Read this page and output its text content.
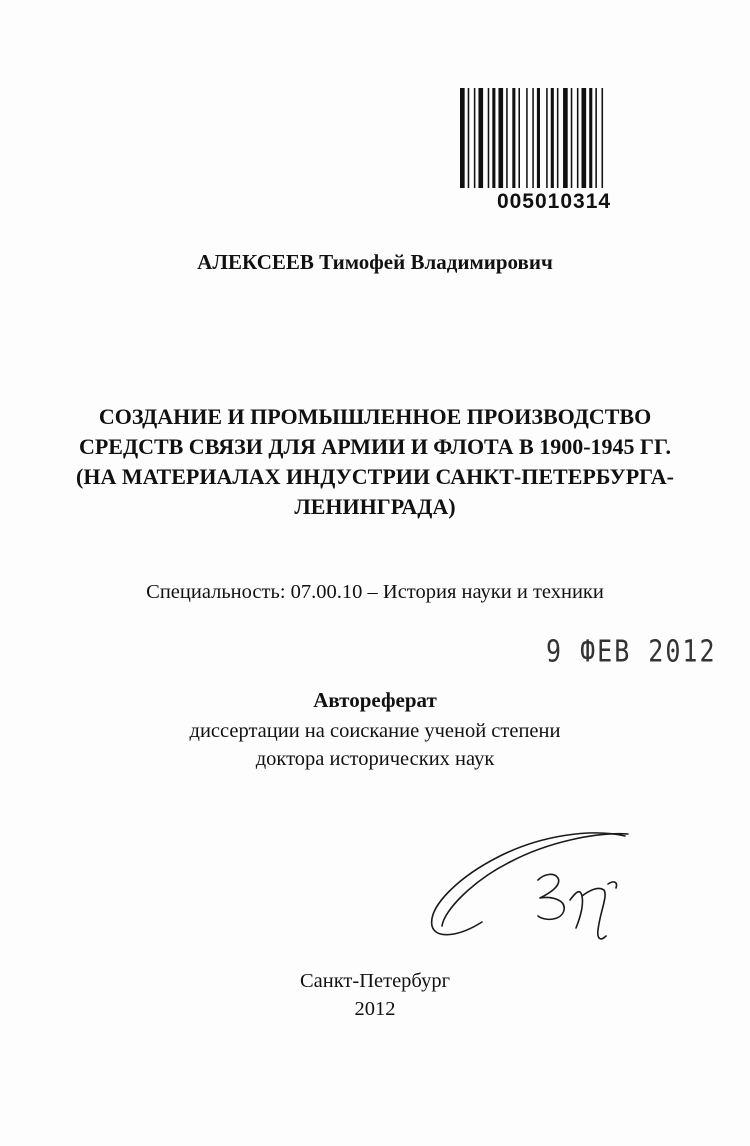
005010314
АЛЕКСЕЕВ Тимофей Владимирович
СОЗДАНИЕ И ПРОМЫШЛЕННОЕ ПРОИЗВОДСТВО
СРЕДСТВ СВЯЗИ ДЛЯ АРМИИ И ФЛОТА В 1900-1945 ГГ.
(НА МАТЕРИАЛАХ ИНДУСТРИИ САНКТ-ПЕТЕРБУРГА-
ЛЕНИНГРАДА)
Специальность: 07.00.10 – История науки и техники
9 ФЕВ 2012
Автореферат
диссертации на соискание ученой степени
доктора исторических наук
Санкт-Петербург
2012
